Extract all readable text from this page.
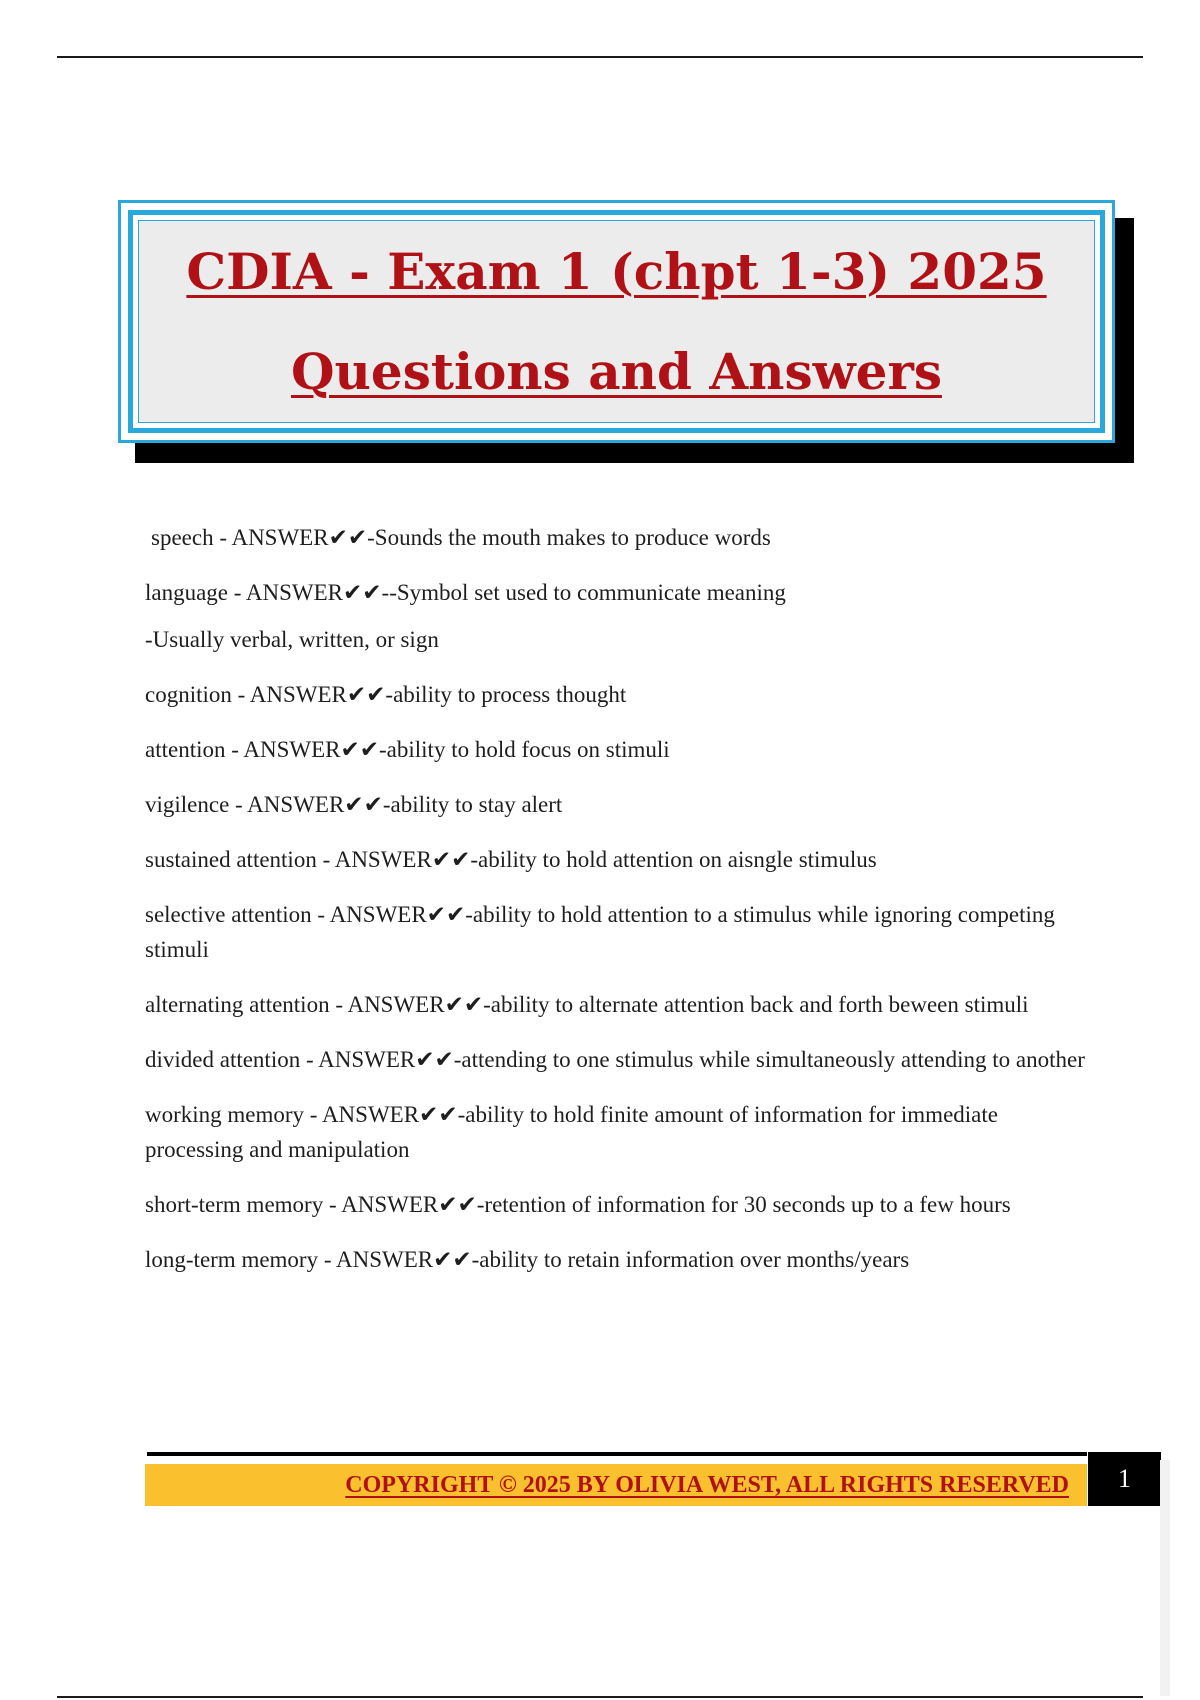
CDIA - Exam 1 (chpt 1-3) 2025
Questions and Answers

speech - ANSWER✔✔-Sounds the mouth makes to produce words

language - ANSWER✔✔--Symbol set used to communicate meaning

-Usually verbal, written, or sign

cognition - ANSWER✔✔-ability to process thought

attention - ANSWER✔✔-ability to hold focus on stimuli

vigilence - ANSWER✔✔-ability to stay alert

sustained attention - ANSWER✔✔-ability to hold attention on aisngle stimulus

selective attention - ANSWER✔✔-ability to hold attention to a stimulus while ignoring competing stimuli

alternating attention - ANSWER✔✔-ability to alternate attention back and forth beween stimuli

divided attention - ANSWER✔✔-attending to one stimulus while simultaneously attending to another

working memory - ANSWER✔✔-ability to hold finite amount of information for immediate processing and manipulation

short-term memory - ANSWER✔✔-retention of information for 30 seconds up to a few hours

long-term memory - ANSWER✔✔-ability to retain information over months/years

COPYRIGHT © 2025 BY OLIVIA WEST, ALL RIGHTS RESERVED	1
